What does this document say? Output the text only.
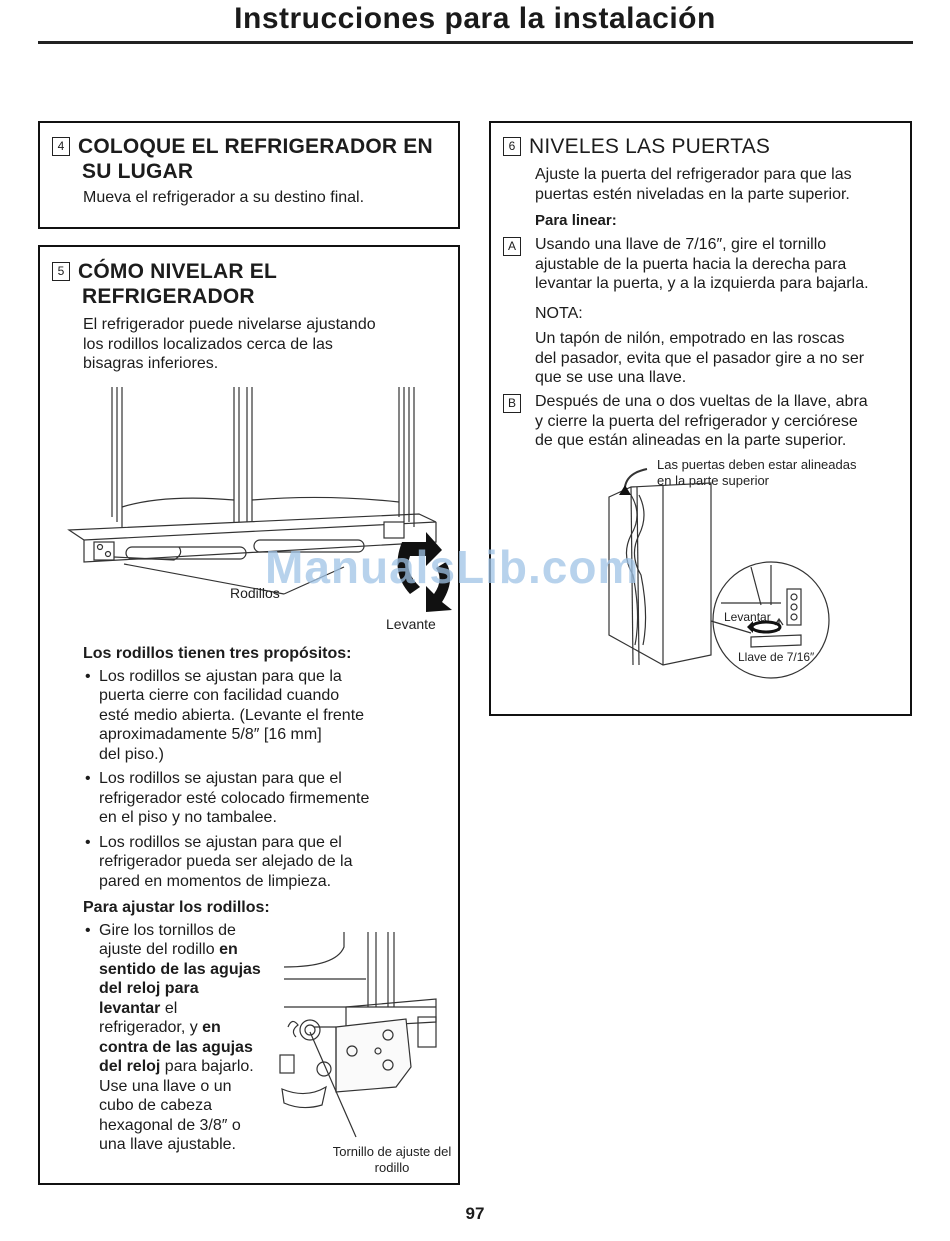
Instrucciones para la instalación
4 COLOQUE EL REFRIGERADOR EN
SU LUGAR
Mueva el refrigerador a su destino final.
5 CÓMO NIVELAR EL
REFRIGERADOR
El refrigerador puede nivelarse ajustando
los rodillos localizados cerca de las
bisagras inferiores.
Rodillos
Levante
Los rodillos tienen tres propósitos:
• Los rodillos se ajustan para que la
puerta cierre con facilidad cuando
esté medio abierta. (Levante el frente
aproximadamente 5/8″ [16 mm]
del piso.)
• Los rodillos se ajustan para que el
refrigerador esté colocado firmemente
en el piso y no tambalee.
• Los rodillos se ajustan para que el
refrigerador pueda ser alejado de la
pared en momentos de limpieza.
Para ajustar los rodillos:
• Gire los tornillos de
ajuste del rodillo en
sentido de las agujas
del reloj para
levantar el
refrigerador, y en
contra de las agujas
del reloj para bajarlo.
Use una llave o un
cubo de cabeza
hexagonal de 3/8″ o
una llave ajustable.	Tornillo de ajuste del
rodillo
6 NIVELES LAS PUERTAS
Ajuste la puerta del refrigerador para que las
puertas estén niveladas en la parte superior.
Para linear:
A	Usando una llave de 7/16″, gire el tornillo
ajustable de la puerta hacia la derecha para
levantar la puerta, y a la izquierda para bajarla.
NOTA:
Un tapón de nilón, empotrado en las roscas
del pasador, evita que el pasador gire a no ser
que se use una llave.
B	Después de una o dos vueltas de la llave, abra
y cierre la puerta del refrigerador y cerciórese
de que están alineadas en la parte superior.
Las puertas deben estar alineadas
en la parte superior
Levantar
Llave de 7/16″
ManualsLib.com
97
